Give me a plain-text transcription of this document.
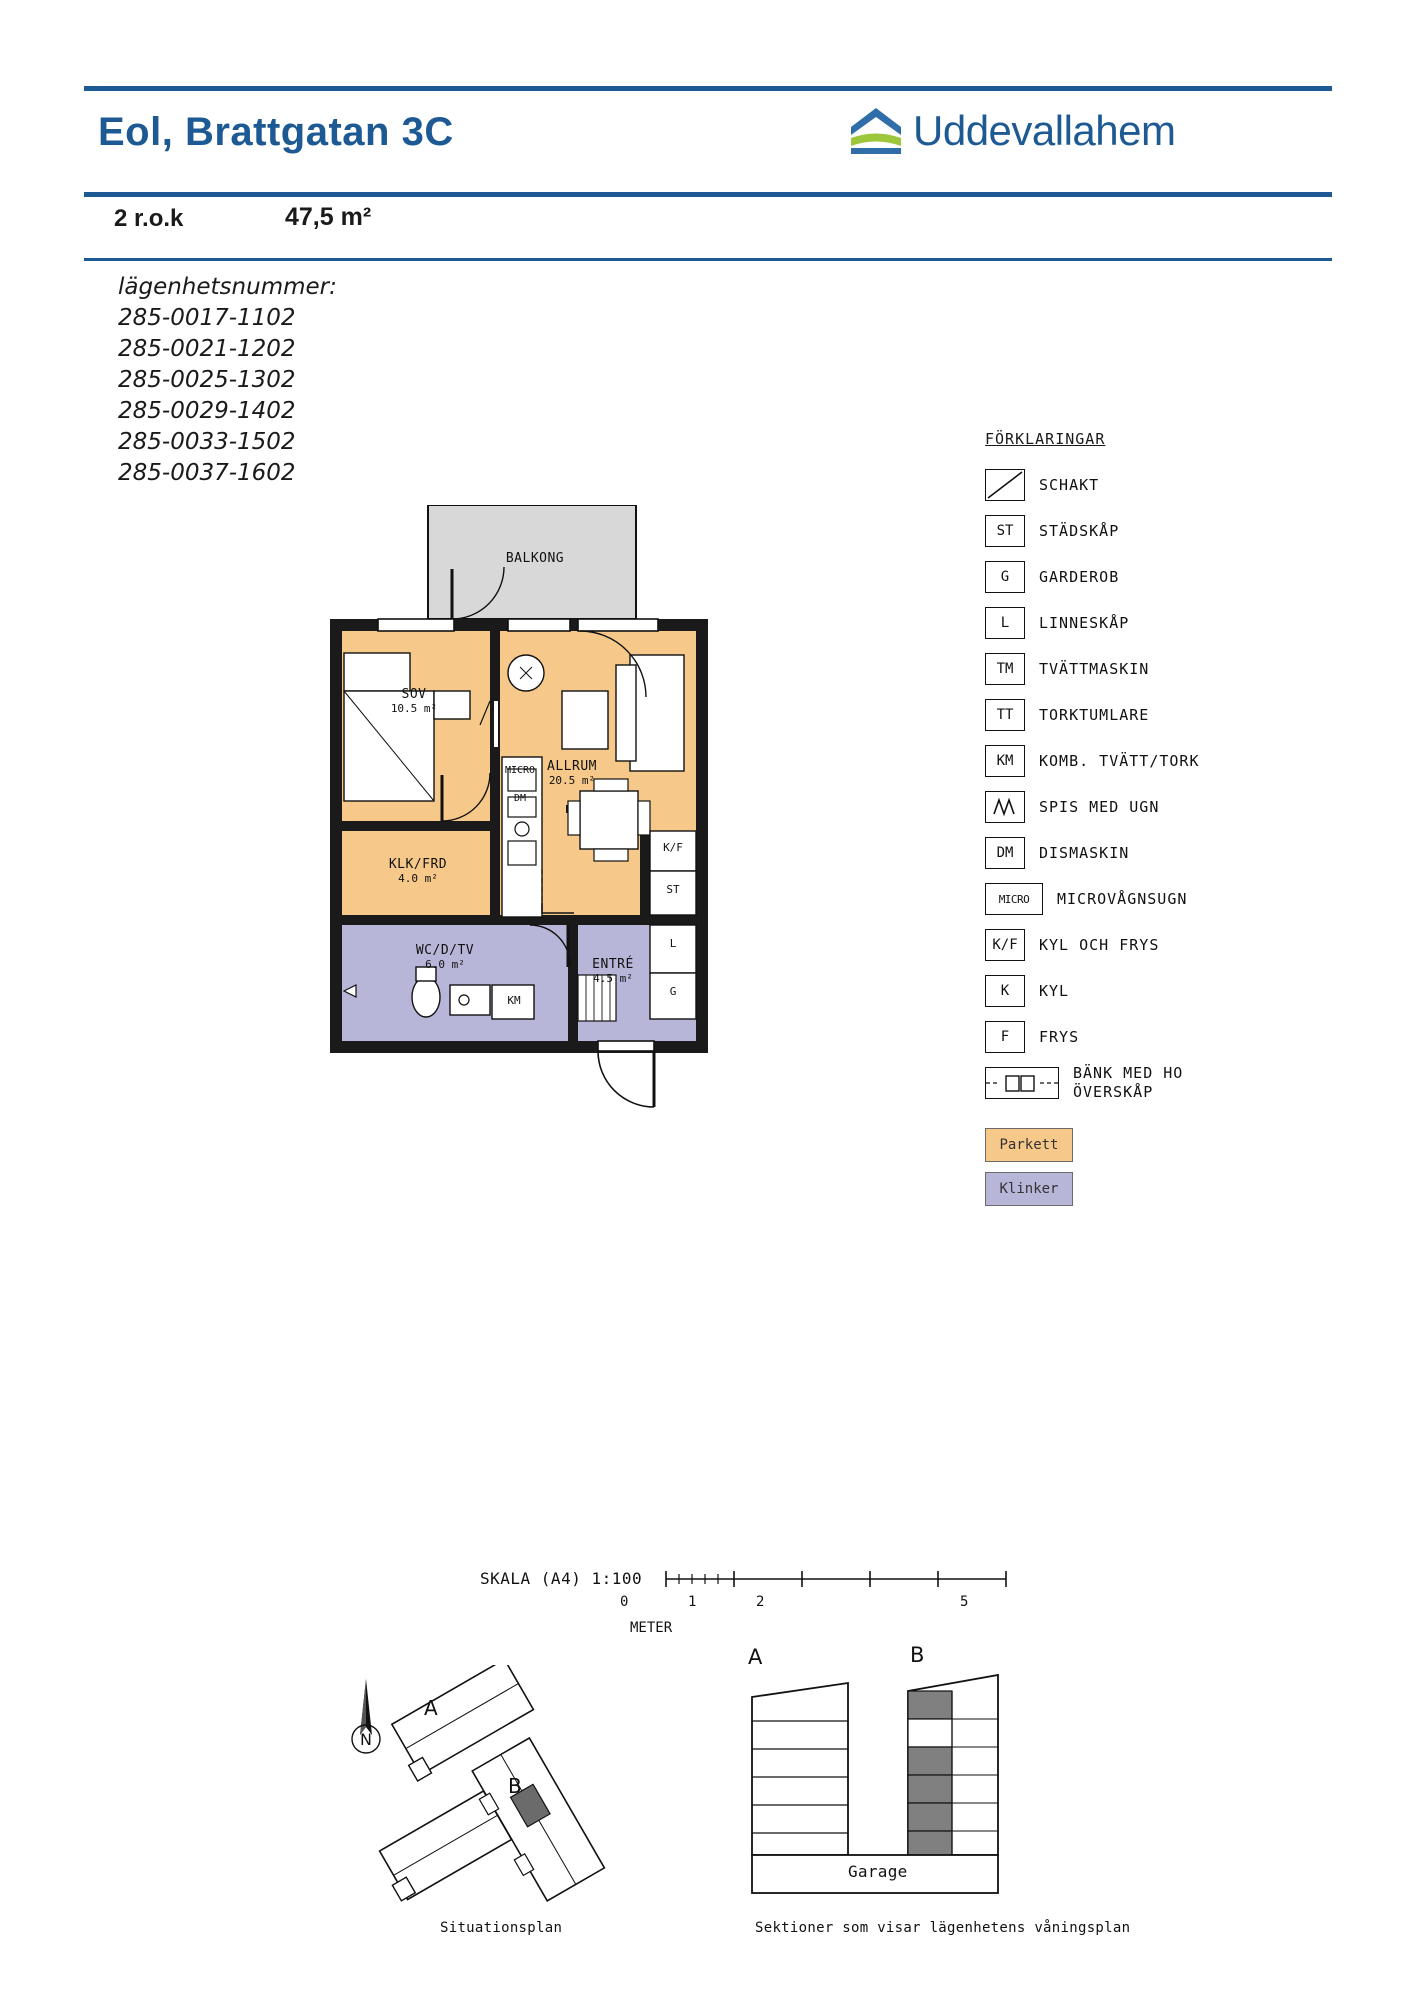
Eol, Brattgatan 3C
2 r.o.k	47,5 m²
Uddevallahem
lägenhetsnummer:
285-0017-1102
285-0021-1202
285-0025-1302
285-0029-1402
285-0033-1502
285-0037-1602
FÖRKLARINGAR
SCHAKT
ST	STÄDSKÅP
G	GARDEROB
L	LINNESKÅP
TM	TVÄTTMASKIN
TT	TORKTUMLARE
KM	KOMB. TVÄTT/TORK
SPIS MED UGN
DM	DISMASKIN
MICRO	MICROVÅGNSUGN
K/F	KYL OCH FRYS
K	KYL
F	FRYS
BÄNK MED HO
ÖVERSKÅP
Parkett
Klinker
BALKONG
SOV
10.5 m²
ALLRUM
20.5 m²
KLK/FRD
4.0 m²
WC/D/TV
6.0 m²	ENTRÉ
4.5 m²
MICRO
DM
K/F
ST
L
G
KM
SKALA (A4) 1:100
0	1	2	5
METER
N
A
B
Situationsplan
A	B
Garage
Sektioner som visar lägenhetens våningsplan
